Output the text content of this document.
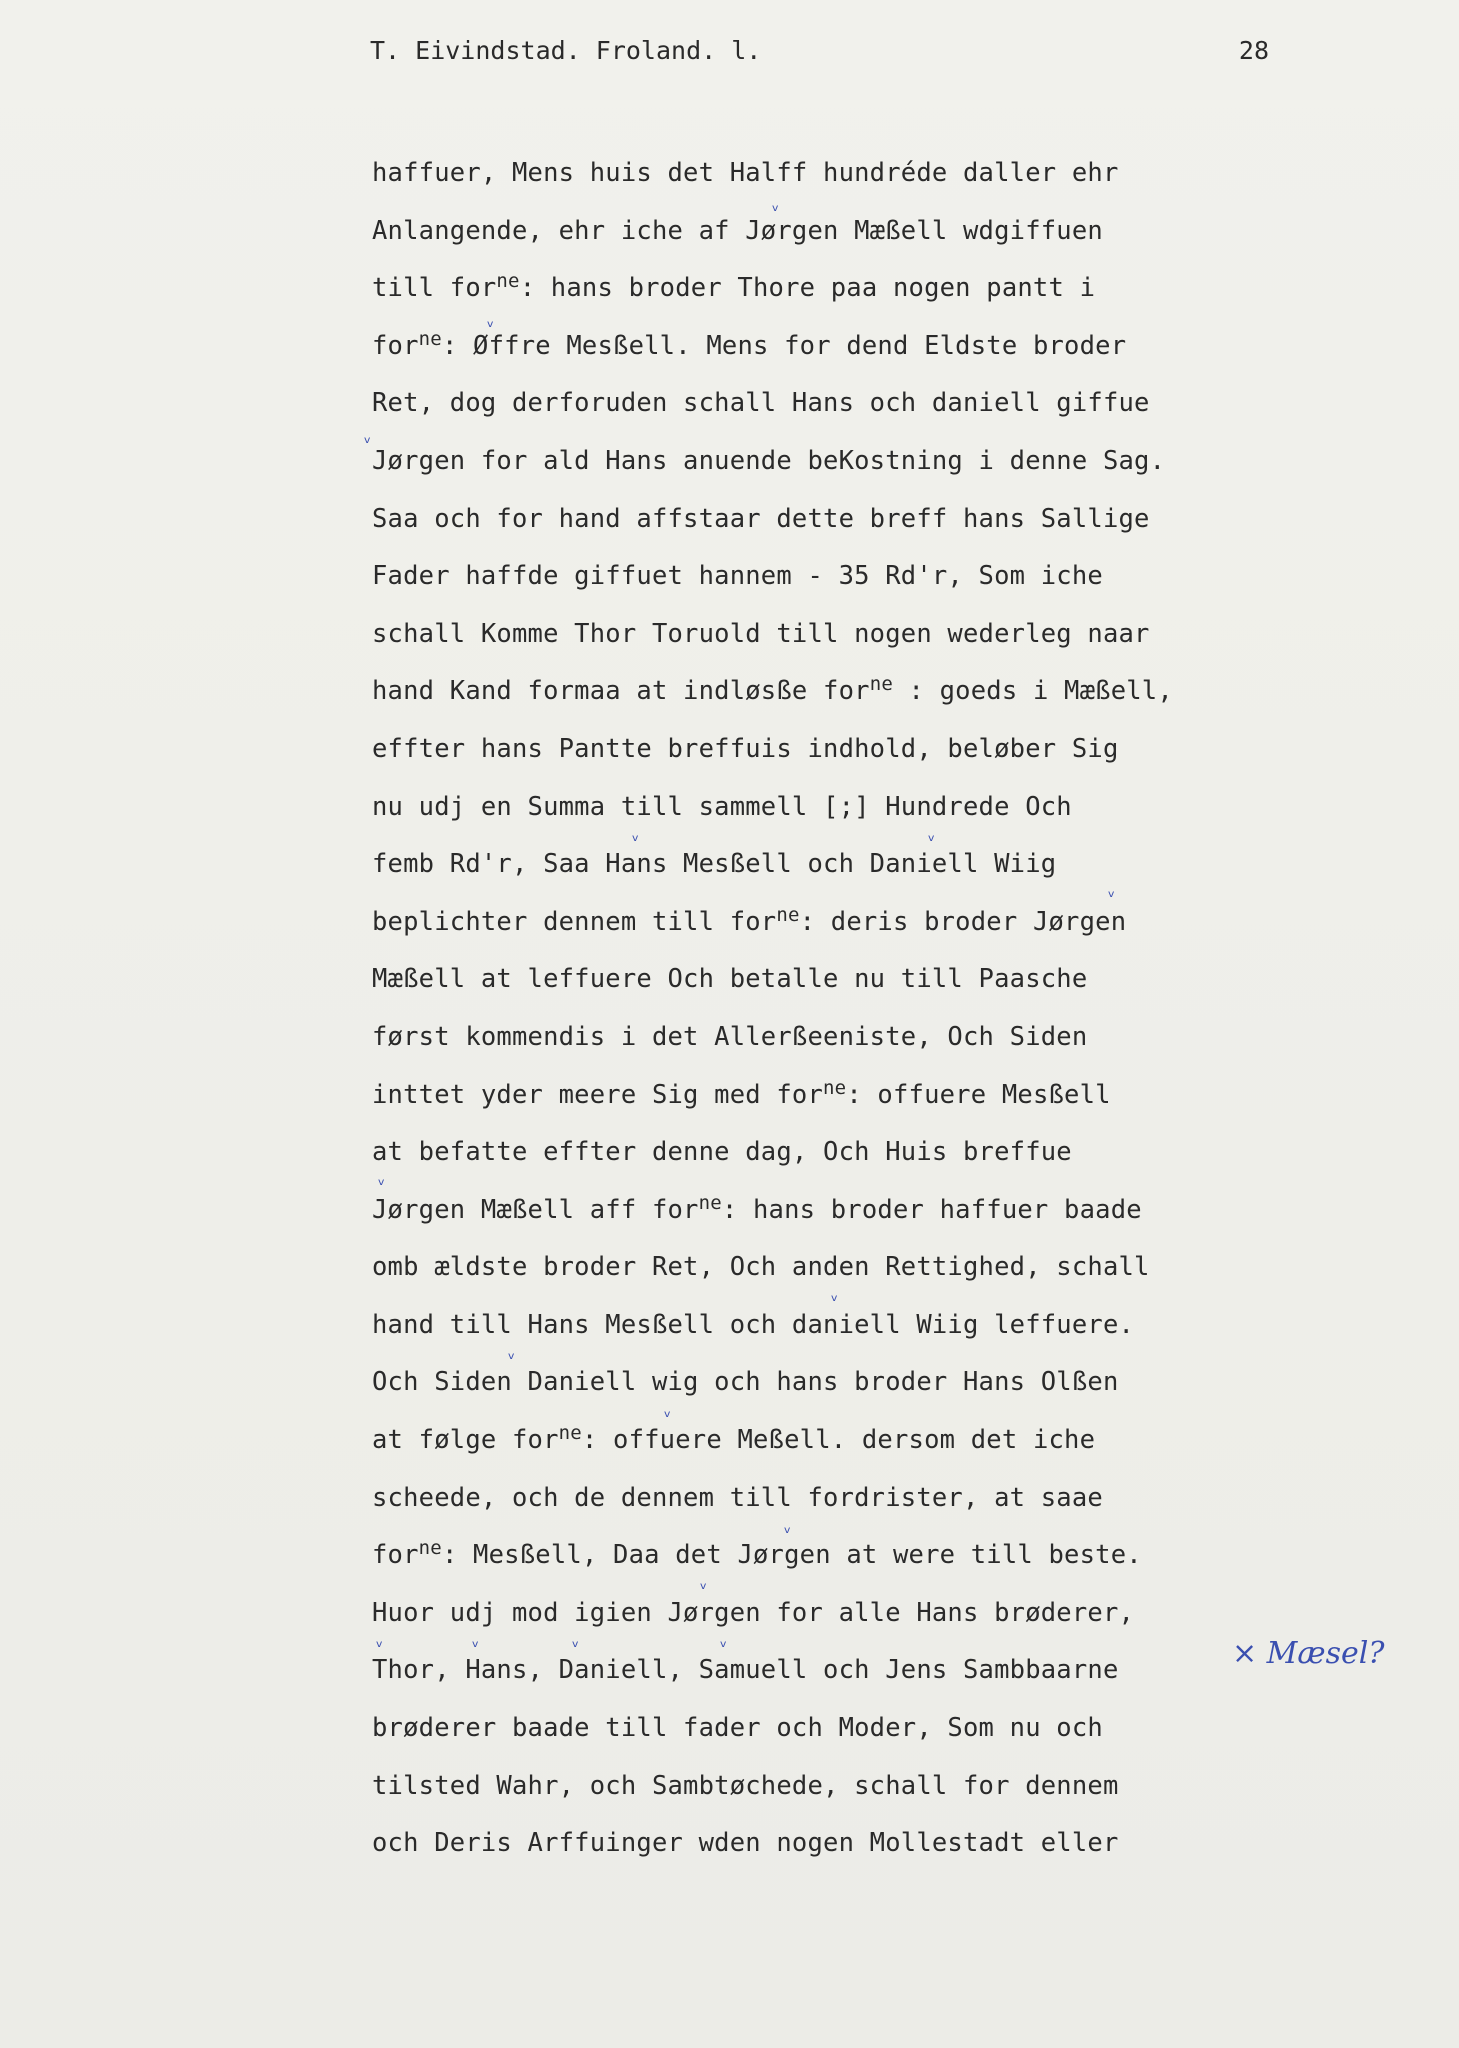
T. Eivindstad. Froland. l.	28
haffuer, Mens huis det Halff hundréde daller ehr
Anlangende, ehr iche af Jørgen Mæßell wdgiffuen
till for$^{ne}$: hans broder Thore paa nogen pantt i
for$^{ne}$: Øffre Mesßell. Mens for dend Eldste broder
Ret, dog derforuden schall Hans och daniell giffue
Jørgen for ald Hans anuende beKostning i denne Sag.
Saa och for hand affstaar dette breff hans Sallige
Fader haffde giffuet hannem - 35 Rd'r, Som iche
schall Komme Thor Toruold till nogen wederleg naar
hand Kand formaa at indløsße for$^{ne}$ : goeds i Mæßell,
effter hans Pantte breffuis indhold, beløber Sig
nu udj en Summa till sammell [;] Hundrede Och
femb Rd'r, Saa Hans Mesßell och Daniell Wiig
beplichter dennem till for$^{ne}$: deris broder Jørgen
Mæßell at leffuere Och betalle nu till Paasche
først kommendis i det Allerßeeniste, Och Siden
inttet yder meere Sig med for$^{ne}$: offuere Mesßell
at befatte effter denne dag, Och Huis breffue
Jørgen Mæßell aff for$^{ne}$: hans broder haffuer baade
omb ældste broder Ret, Och anden Rettighed, schall
hand till Hans Mesßell och daniell Wiig leffuere.
Och Siden Daniell wig och hans broder Hans Olßen
at følge for$^{ne}$: offuere Meßell. dersom det iche
scheede, och de dennem till fordrister, at saae
for$^{ne}$: Mesßell, Daa det Jørgen at were till beste.
Huor udj mod igien Jørgen for alle Hans brøderer,
Thor, Hans, Daniell, Samuell och Jens Sambbaarne
brøderer baade till fader och Moder, Som nu och
tilsted Wahr, och Sambtøchede, schall for dennem
och Deris Arffuinger wden nogen Mollestadt eller
× Mæsel?
ᵥ
ᵥ
ᵥ
ᵥ	ᵥ
ᵥ
ᵥ
ᵥ
ᵥ
ᵥ
ᵥ
ᵥ
ᵥ	ᵥ	ᵥ	ᵥ
